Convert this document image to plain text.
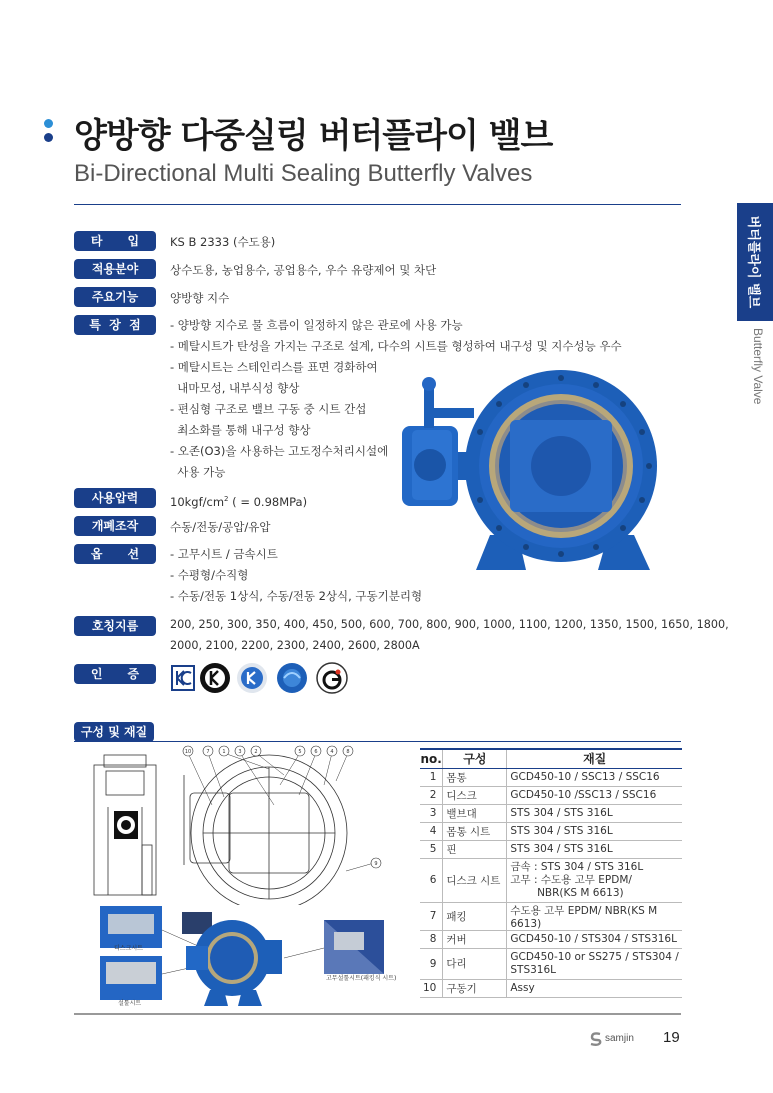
양방향 다중실링 버터플라이 밸브
Bi-Directional Multi Sealing Butterfly Valves
버터플라이 밸브
Butterfly Valve
타      입	KS B 2333 (수도용)
적용분야	상수도용, 농업용수, 공업용수, 우수 유량제어 및 차단
주요기능	양방향 지수
특  장  점	- 양방향 지수로 물 흐름이 일정하지 않은 관로에 사용 가능
- 메탈시트가 탄성을 가지는 구조로 설계, 다수의 시트를 형성하여 내구성 및 지수성능 우수
- 메탈시트는 스테인리스를 표면 경화하여
내마모성, 내부식성 향상
- 편심형 구조로 밸브 구동 중 시트 간섭
최소화를 통해 내구성 향상
- 오존(O3)을 사용하는 고도정수처리시설에
사용 가능
사용압력	$10kgf/cm^2$ ( = 0.98MPa)
개폐조작	수동/전동/공압/유압
옵      션	- 고무시트 / 금속시트
- 수평형/수직형
- 수동/전동 1상식, 수동/전동 2상식, 구동기분리형
호칭지름	200, 250, 300, 350, 400, 450, 500, 600, 700, 800, 900, 1000, 1100, 1200, 1350, 1500, 1650, 1800,
2000, 2100, 2200, 2300, 2400, 2600, 2800A
인      증
구성 및 재질
10	7	1	3	2	5	6	4	8
9
디스크시트
설툴시트
고무설툴시트(패킹식 시트)
no.	구성	재질
1	몸통	GCD450-10 / SSC13 / SSC16
2	디스크	GCD450-10 /SSC13 / SSC16
3	밸브대	STS 304 / STS 316L
4	몸통 시트	STS 304 / STS 316L
5	핀	STS 304 / STS 316L
6	디스크 시트	금속 : STS 304 / STS 316L
고무 : 수도용 고무 EPDM/
NBR(KS M 6613)

7	패킹	수도용 고무 EPDM/ NBR(KS M 6613)
8	커버	GCD450-10 / STS304 / STS316L
9	다리	GCD450-10 or SS275 / STS304 /
STS316L

10	구동기	Assy
samjin 19
